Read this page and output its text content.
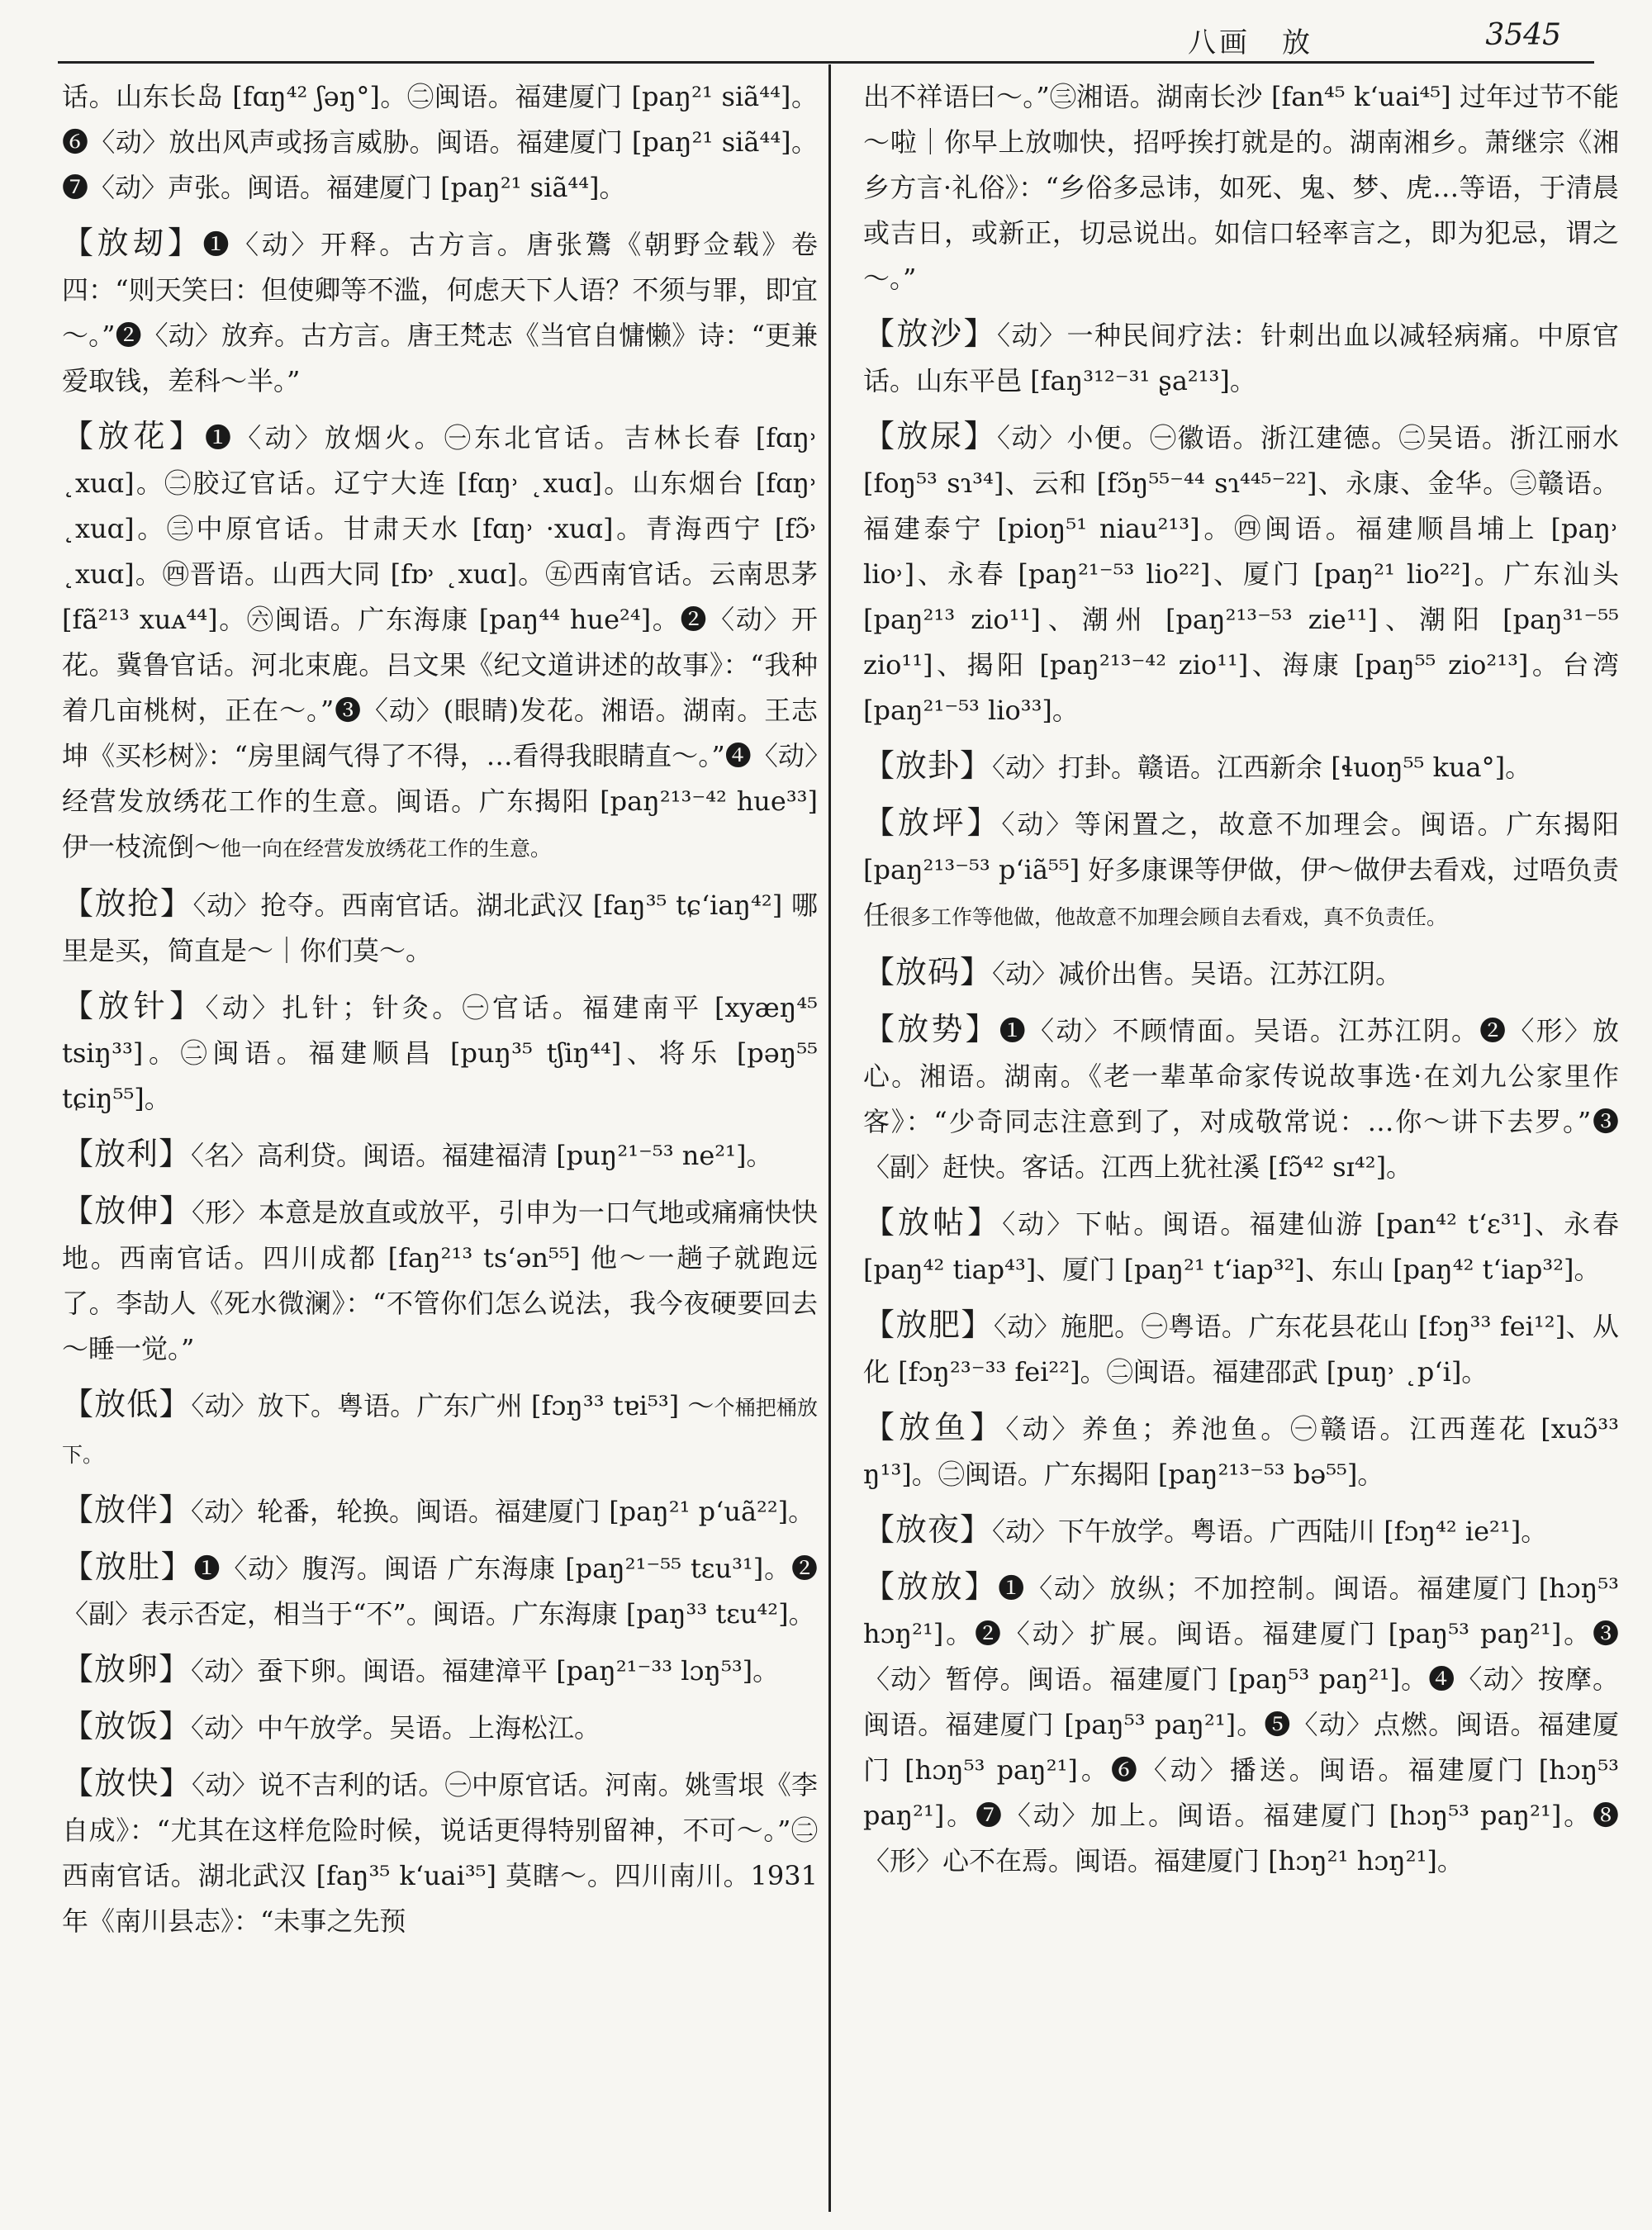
八画　放	3545

话。山东长岛 [fɑŋ⁴² ʃəŋ°]。㊁闽语。福建厦门 [paŋ²¹ siã⁴⁴]。❻〈动〉放出风声或扬言威胁。闽语。福建厦门 [paŋ²¹ siã⁴⁴]。❼〈动〉声张。闽语。福建厦门 [paŋ²¹ siã⁴⁴]。

【放刼】❶〈动〉开释。古方言。唐张鷟《朝野佥载》卷四：“则天笑曰：但使卿等不滥，何虑天下人语？不须与罪，即宜～。”❷〈动〉放弃。古方言。唐王梵志《当官自慵懒》诗：“更兼爱取钱，差科～半。”

【放花】❶〈动〉放烟火。㊀东北官话。吉林长春 [fɑŋ˒ ˛xuɑ]。㊁胶辽官话。辽宁大连 [fɑŋ˒ ˛xuɑ]。山东烟台 [fɑŋ˒ ˛xuɑ]。㊂中原官话。甘肃天水 [fɑŋ˒ ·xuɑ]。青海西宁 [fɔ̃˒ ˛xuɑ]。㊃晋语。山西大同 [fɒ˒ ˛xuɑ]。㊄西南官话。云南思茅 [fã²¹³ xuᴀ⁴⁴]。㊅闽语。广东海康 [paŋ⁴⁴ hue²⁴]。❷〈动〉开花。冀鲁官话。河北束鹿。吕文果《纪文道讲述的故事》：“我种着几亩桃树，正在～。”❸〈动〉(眼睛)发花。湘语。湖南。王志坤《买杉树》：“房里阔气得了不得，…看得我眼睛直～。”❹〈动〉经营发放绣花工作的生意。闽语。广东揭阳 [paŋ²¹³⁻⁴² hue³³] 伊一枝流倒～他一向在经营发放绣花工作的生意。

【放抢】〈动〉抢夺。西南官话。湖北武汉 [faŋ³⁵ tɕʻiaŋ⁴²] 哪里是买，简直是～｜你们莫～。

【放针】〈动〉扎针；针灸。㊀官话。福建南平 [xyæŋ⁴⁵ tsiŋ³³]。㊁闽语。福建顺昌 [puŋ³⁵ tʃiŋ⁴⁴]、将乐 [pəŋ⁵⁵ tɕiŋ⁵⁵]。

【放利】〈名〉高利贷。闽语。福建福清 [puŋ²¹⁻⁵³ ne²¹]。

【放伸】〈形〉本意是放直或放平，引申为一口气地或痛痛快快地。西南官话。四川成都 [faŋ²¹³ tsʻən⁵⁵] 他～一趟子就跑远了。李劼人《死水微澜》：“不管你们怎么说法，我今夜硬要回去～睡一觉。”

【放低】〈动〉放下。粤语。广东广州 [fɔŋ³³ tɐi⁵³] ～个桶把桶放下。

【放伴】〈动〉轮番，轮换。闽语。福建厦门 [paŋ²¹ pʻuã²²]。

【放肚】❶〈动〉腹泻。闽语 广东海康 [paŋ²¹⁻⁵⁵ tɛu³¹]。❷〈副〉表示否定，相当于“不”。闽语。广东海康 [paŋ³³ tɛu⁴²]。

【放卵】〈动〉蚕下卵。闽语。福建漳平 [paŋ²¹⁻³³ lɔŋ⁵³]。

【放饭】〈动〉中午放学。吴语。上海松江。

【放快】〈动〉说不吉利的话。㊀中原官话。河南。姚雪垠《李自成》：“尤其在这样危险时候，说话更得特别留神，不可～。”㊁西南官话。湖北武汉 [faŋ³⁵ kʻuai³⁵] 莫瞎～。四川南川。1931年《南川县志》：“未事之先预

出不祥语曰～。”㊂湘语。湖南长沙 [fan⁴⁵ kʻuai⁴⁵] 过年过节不能～啦｜你早上放咖快，招呼挨打就是的。湖南湘乡。萧继宗《湘乡方言·礼俗》：“乡俗多忌讳，如死、鬼、梦、虎…等语，于清晨或吉日，或新正，切忌说出。如信口轻率言之，即为犯忌，谓之～。”

【放沙】〈动〉一种民间疗法：针刺出血以减轻病痛。中原官话。山东平邑 [faŋ³¹²⁻³¹ ʂa²¹³]。

【放尿】〈动〉小便。㊀徽语。浙江建德。㊁吴语。浙江丽水 [foŋ⁵³ sɿ³⁴]、云和 [fɔ̃ŋ⁵⁵⁻⁴⁴ sɿ⁴⁴⁵⁻²²]、永康、金华。㊂赣语。福建泰宁 [pioŋ⁵¹ niau²¹³]。㊃闽语。福建顺昌埔上 [paŋ˒ lio˒]、永春 [paŋ²¹⁻⁵³ lio²²]、厦门 [paŋ²¹ lio²²]。广东汕头 [paŋ²¹³ zio¹¹]、潮州 [paŋ²¹³⁻⁵³ zie¹¹]、潮阳 [paŋ³¹⁻⁵⁵ zio¹¹]、揭阳 [paŋ²¹³⁻⁴² zio¹¹]、海康 [paŋ⁵⁵ zio²¹³]。台湾 [paŋ²¹⁻⁵³ lio³³]。

【放卦】〈动〉打卦。赣语。江西新余 [ɬuoŋ⁵⁵ kua°]。

【放坪】〈动〉等闲置之，故意不加理会。闽语。广东揭阳 [paŋ²¹³⁻⁵³ pʻiã⁵⁵] 好多康课等伊做，伊～做伊去看戏，过唔负责任很多工作等他做，他故意不加理会顾自去看戏，真不负责任。

【放码】〈动〉减价出售。吴语。江苏江阴。

【放势】❶〈动〉不顾情面。吴语。江苏江阴。❷〈形〉放心。湘语。湖南。《老一辈革命家传说故事选·在刘九公家里作客》：“少奇同志注意到了，对成敬常说：…你～讲下去罗。”❸〈副〉赶快。客话。江西上犹社溪 [fɔ̃⁴² sɪ⁴²]。

【放帖】〈动〉下帖。闽语。福建仙游 [pan⁴² tʻɛ³¹]、永春 [paŋ⁴² tiap⁴³]、厦门 [paŋ²¹ tʻiap³²]、东山 [paŋ⁴² tʻiap³²]。

【放肥】〈动〉施肥。㊀粤语。广东花县花山 [fɔŋ³³ fei¹²]、从化 [fɔŋ²³⁻³³ fei²²]。㊁闽语。福建邵武 [puŋ˒ ˛pʻi]。

【放鱼】〈动〉养鱼；养池鱼。㊀赣语。江西莲花 [xuɔ̃³³ ŋ¹³]。㊁闽语。广东揭阳 [paŋ²¹³⁻⁵³ bə⁵⁵]。

【放夜】〈动〉下午放学。粤语。广西陆川 [fɔŋ⁴² ie²¹]。

【放放】❶〈动〉放纵；不加控制。闽语。福建厦门 [hɔŋ⁵³ hɔŋ²¹]。❷〈动〉扩展。闽语。福建厦门 [paŋ⁵³ paŋ²¹]。❸〈动〉暂停。闽语。福建厦门 [paŋ⁵³ paŋ²¹]。❹〈动〉按摩。闽语。福建厦门 [paŋ⁵³ paŋ²¹]。❺〈动〉点燃。闽语。福建厦门 [hɔŋ⁵³ paŋ²¹]。❻〈动〉播送。闽语。福建厦门 [hɔŋ⁵³ paŋ²¹]。❼〈动〉加上。闽语。福建厦门 [hɔŋ⁵³ paŋ²¹]。❽〈形〉心不在焉。闽语。福建厦门 [hɔŋ²¹ hɔŋ²¹]。
